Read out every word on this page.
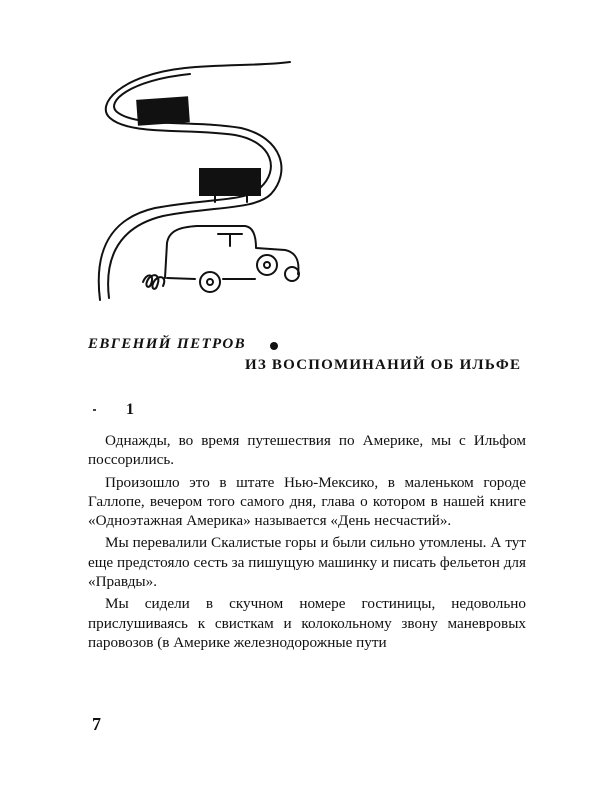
ЕВГЕНИЙ ПЕТРОВ
ИЗ ВОСПОМИНАНИЙ ОБ ИЛЬФЕ
1

Однажды, во время путешествия по Америке, мы с Ильфом поссорились.

Произошло это в штате Нью-Мексико, в маленьком городе Галлопе, вечером того самого дня, глава о котором в нашей книге «Одноэтажная Америка» называется «День несчастий».

Мы перевалили Скалистые горы и были сильно утомлены. А тут еще предстояло сесть за пишущую машинку и писать фельетон для «Правды».

Мы сидели в скучном номере гостиницы, недовольно прислушиваясь к свисткам и колокольному звону маневровых паровозов (в Америке железнодорожные пути

7
